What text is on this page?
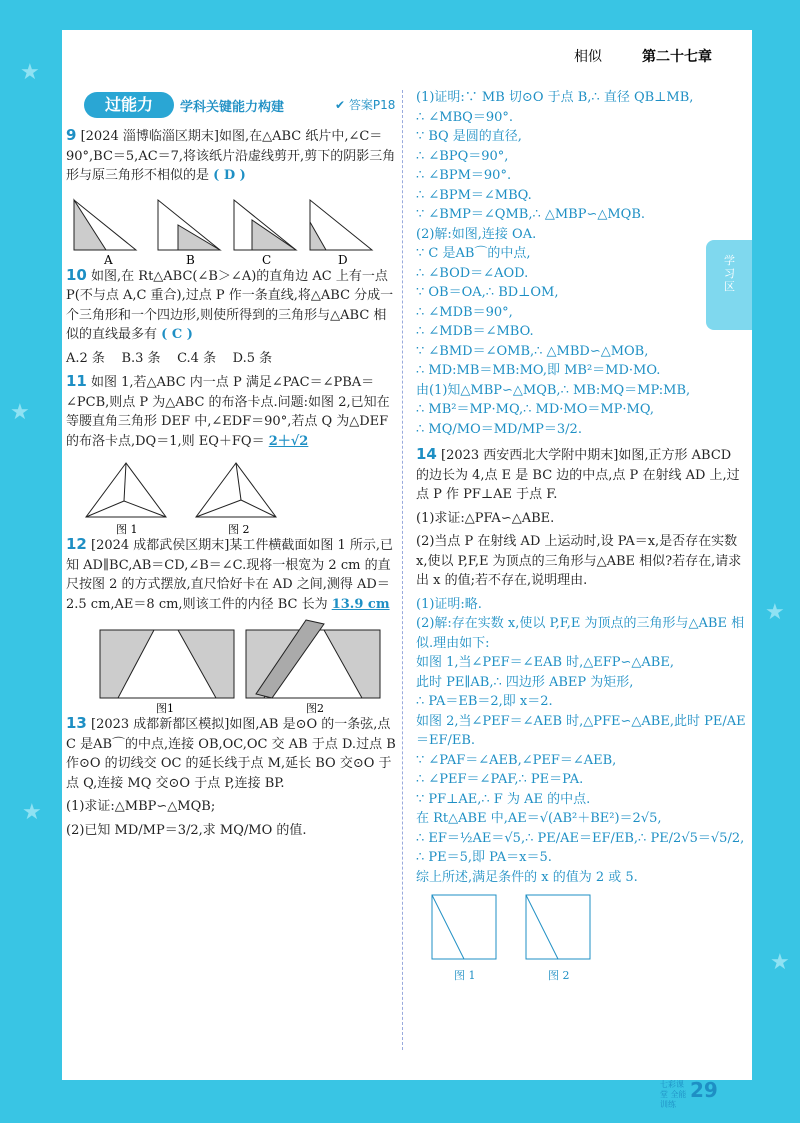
★
★
★
★
★
相似	第二十七章
学习区
过能力	学科关键能力构建	✔ 答案P18
9 [2024 淄博临淄区期末]如图,在△ABC 纸片中,∠C＝90°,BC＝5,AC＝7,将该纸片沿虚线剪开,剪下的阴影三角形与原三角形不相似的是 ( D )
A	B	C	D
10 如图,在 Rt△ABC(∠B＞∠A)的直角边 AC 上有一点 P(不与点 A,C 重合),过点 P 作一条直线,将△ABC 分成一个三角形和一个四边形,则使所得到的三角形与△ABC 相似的直线最多有 ( C )
A.2 条    B.3 条    C.4 条    D.5 条
11 如图 1,若△ABC 内一点 P 满足∠PAC＝∠PBA＝∠PCB,则点 P 为△ABC 的布洛卡点.问题:如图 2,已知在等腰直角三角形 DEF 中,∠EDF＝90°,若点 Q 为△DEF 的布洛卡点,DQ＝1,则 EQ＋FQ＝ 2＋√2
图 1	图 2
12 [2024 成都武侯区期末]某工件横截面如图 1 所示,已知 AD∥BC,AB＝CD,∠B＝∠C.现将一根宽为 2 cm 的直尺按图 2 的方式摆放,直尺恰好卡在 AD 之间,测得 AD＝2.5 cm,AE＝8 cm,则该工件的内径 BC 长为 13.9 cm
图1	图2
13 [2023 成都新都区模拟]如图,AB 是⊙O 的一条弦,点 C 是AB⌒的中点,连接 OB,OC,OC 交 AB 于点 D.过点 B 作⊙O 的切线交 OC 的延长线于点 M,延长 BO 交⊙O 于点 Q,连接 MQ 交⊙O 于点 P,连接 BP.
(1)求证:△MBP∽△MQB;
(2)已知 MD/MP＝3/2,求 MQ/MO 的值.
(1)证明:∵ MB 切⊙O 于点 B,∴ 直径 QB⊥MB,
∴ ∠MBQ＝90°.
∵ BQ 是圆的直径,
∴ ∠BPQ＝90°,
∴ ∠BPM＝90°.
∴ ∠BPM＝∠MBQ.
∵ ∠BMP＝∠QMB,∴ △MBP∽△MQB.
(2)解:如图,连接 OA.
∵ C 是AB⌒的中点,
∴ ∠BOD＝∠AOD.
∵ OB＝OA,∴ BD⊥OM,
∴ ∠MDB＝90°,
∴ ∠MDB＝∠MBO.
∵ ∠BMD＝∠OMB,∴ △MBD∽△MOB,
∴ MD:MB＝MB:MO,即 MB²＝MD·MO.
由(1)知△MBP∽△MQB,∴ MB:MQ＝MP:MB,
∴ MB²＝MP·MQ,∴ MD·MO＝MP·MQ,
∴ MQ/MO＝MD/MP＝3/2.
14 [2023 西安西北大学附中期末]如图,正方形 ABCD 的边长为 4,点 E 是 BC 边的中点,点 P 在射线 AD 上,过点 P 作 PF⊥AE 于点 F.
(1)求证:△PFA∽△ABE.
(2)当点 P 在射线 AD 上运动时,设 PA＝x,是否存在实数 x,使以 P,F,E 为顶点的三角形与△ABE 相似?若存在,请求出 x 的值;若不存在,说明理由.
(1)证明:略.
(2)解:存在实数 x,使以 P,F,E 为顶点的三角形与△ABE 相似.理由如下:
如图 1,当∠PEF＝∠EAB 时,△EFP∽△ABE,
此时 PE∥AB,∴ 四边形 ABEP 为矩形,
∴ PA＝EB＝2,即 x＝2.
如图 2,当∠PEF＝∠AEB 时,△PFE∽△ABE,此时 PE/AE＝EF/EB.
∵ ∠PAF＝∠AEB,∠PEF＝∠AEB,
∴ ∠PEF＝∠PAF,∴ PE＝PA.
∵ PF⊥AE,∴ F 为 AE 的中点.
在 Rt△ABE 中,AE＝√(AB²＋BE²)＝2√5,
∴ EF＝½AE＝√5,∴ PE/AE＝EF/EB,∴ PE/2√5＝√5/2,
∴ PE＝5,即 PA＝x＝5.
综上所述,满足条件的 x 的值为 2 或 5.
图 1	图 2
七彩课堂 全能训练
29
